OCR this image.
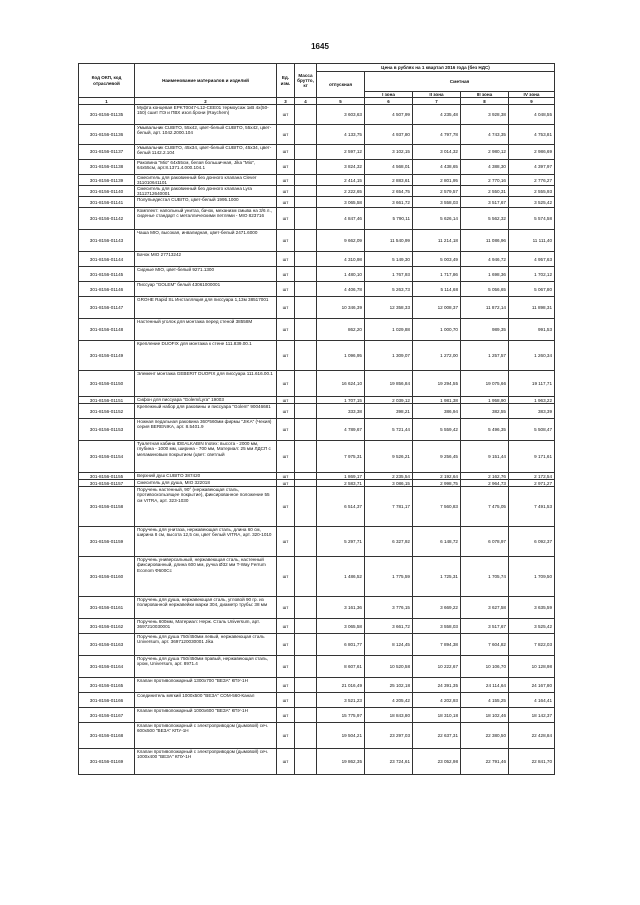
1645
Код ОКП, код отраслевой	Наименование материалов и изделий	Ед. изм.	Масса брутто, кг	Цена в рублях на 1 квартал 2016 года (без НДС)				
				отпускная	Сметная			
					I зона	II зона	III зона	IV зона
1	2	3	4	5	6	7	8	9
301-8156-01135	Муфта концевая EPKT0047-L12-CEE01 термоусаж 1кВ 4х(50-150) сшит ПЭ и ПВХ изол.брони (Raychem)	шт		3 603,63	4 507,99	4 235,48	3 928,38	4 048,55
301-8156-01136	Умывальник CUBITO, 55х42, цвет-белый CUBITO, 55х42, цвет-белый, арт. 1042.2000.104	шт		4 133,75	4 937,80	4 797,78	4 743,35	4 753,81
301-8156-01137	Умывальник CUBITO, 45х34, цвет-белый CUBITO, 45х34, цвет-белый 1142.2.104	шт		2 597,12	3 102,15	3 014,32	2 980,12	2 986,69
301-8156-01138	Раковина "Mio" 64х55см, белая большичная, Jika "Mio", 64х55см, арт.8.1371.4.000.104.1	шт		3 824,32	4 568,01	4 438,65	4 388,30	4 397,97
301-8156-01139	Смеситель для раковинный без донного клапана Clever 311010641101	шт		2 414,15	2 883,61	2 801,95	2 770,16	2 776,27
301-8156-01140	Смеситель для раковинный без донного клапана Lyra 3112712640001	шт		2 222,65	2 654,75	2 579,57	2 550,31	2 555,93
301-8156-01141	Полупьедестал CUBITO, цвет-белый 1995.1000	шт		3 065,58	3 661,72	3 558,03	3 517,67	3 525,42
301-8156-01142	Комплект: напольный унитаз, бачок, механизм смыва на 3/6 л., сиденье стандарт с металлическими петлями - MIO 823716	шт		4 847,46	5 790,11	5 626,14	5 562,32	5 574,58
301-8156-01143	Чаша MIO, высокая, инвалидная, цвет-белый 2471.6000	шт		9 662,09	11 540,99	11 214,18	11 086,96	11 111,40
301-8156-01144	Бачок MIO 27713242	шт		4 310,98	5 149,30	5 003,49	4 946,72	4 957,63
301-8156-01145	Сидные MIO, цвет-белый 9271.1300	шт		1 480,10	1 767,93	1 717,86	1 698,36	1 702,12
301-8156-01146	Писсуар "GOLEM" белый 43061000001	шт		4 406,78	5 263,73	5 114,68	5 056,65	5 067,80
301-8156-01147	GROHE Rapid SL Инсталляция для писсуара 1,13м 38517001	шт		10 346,39	12 358,33	12 008,37	11 872,14	11 898,31
301-8156-01148	Настенный уголок для монтажа перед стеной 38558M	шт		862,20	1 029,88	1 000,70	989,35	991,53
301-8156-01149	Крепление DUOFIX для монтажа к стене 111.839.00.1	шт		1 096,95	1 309,07	1 272,00	1 257,57	1 260,34
301-8156-01150	Элемент монтажа GEBERIT DUOFIX для писсуара 111.616.00.1	шт		16 624,10	19 856,84	19 294,55	19 075,66	19 117,71
301-8156-01151	Сифон для писсуара "Golem/Lyra" 19003	шт		1 707,15	2 039,12	1 981,38	1 958,90	1 963,22
301-8156-01152	Крепежный набор для раковины и писсуара "Golem" 90046681	шт		333,38	398,21	386,94	382,55	383,39
301-8156-01153	Ножная педальная раковина 360*560мм фирмы "JIKA" (Чехия) серия BERENIKA, арт. 8.5401.9	шт		4 789,67	5 721,44	5 559,42	5 496,35	5 508,47
301-8156-01154	Туалетная кабина IDEALKABIN Inotex: высота - 2000 мм, глубина - 1000 мм, ширина - 700 мм, Материал: 25 мм ЛДСП с меламиновым покрытием (цвет: светлый	шт		7 975,31	9 526,21	9 256,45	9 151,44	9 171,61
301-8156-01155	Верхний душ CUBITO 387420	шт		1 869,17	2 235,54	2 192,64	2 162,76	2 172,54
301-8156-01157	Смеситель для душа, MIO 322018	шт		2 583,71	3 086,15	2 998,75	2 964,73	2 971,27
301-8156-01158	Поручень настенный, 90° (нержавеющая сталь, противоскользящее покрытие), фиксированное положение 55 см VITRA, арт. 323-1030	шт		6 514,37	7 781,17	7 560,83	7 475,05	7 491,53
301-8156-01159	Поручень для унитаза, нержавеющая сталь, длина 60 см, ширина 8 см, высота 12,5 см, цвет белый VITRA, арт. 320-1010	шт		5 297,71	6 327,92	6 148,72	6 078,97	6 092,37
301-8156-01160	Поручень универсальный, нержавеющая сталь, настенный фиксированный, длина 600 мм, ручка Ø32 мм T-Way Ferrum Econom Ф600Cc	шт		1 486,52	1 775,59	1 725,31	1 705,74	1 709,50
301-8156-01161	Поручень для душа, нержавеющая сталь, угловой 90 гр. из полированной нержавейки марки 304, диаметр трубы: 38 мм	шт		3 161,36	3 776,15	3 669,22	3 627,58	3 635,59
301-8156-01162	Поручень 600мм, Материал: Нерж. Сталь Universum, арт. 3697210030001	шт		3 065,58	3 661,72	3 558,03	3 517,67	3 525,42
301-8156-01163	Поручень для душа 750/450мм левый, нержавеющая сталь Universum, арт. 3697120030001 Jika	шт		6 801,77	8 124,45	7 894,38	7 604,82	7 822,03
301-8156-01164	Поручень для душа 750/450мм правый, нержавеющая сталь, хром, Universum, арт. 8971.4	шт		8 607,61	10 520,58	10 222,67	10 106,70	10 128,98
301-8156-01165	Клапан противопожарный 1300х700 "ВЕЗА" КПУ-1Н	шт		21 016,49	25 102,18	24 391,35	24 114,64	24 167,80
301-8156-01166	Соединитель мягкий 1000х500 "ВЕЗА" СОМ-560-Канал	шт		3 521,23	4 205,42	4 202,93	4 155,25	4 164,41
301-8156-01167	Клапан противопожарный 1000х600 "ВЕЗА" КПУ-1Н	шт		15 775,97	18 843,80	18 310,18	18 102,46	18 142,37
301-8156-01168	Клапан противопожарный с электроприводом (дымовой) сеч. 600х500 "ВЕЗА" КПУ-1Н	шт		19 504,21	23 297,03	22 637,31	22 380,50	22 428,84
301-8156-01169	Клапан противопожарный с электроприводом (дымовой) сеч. 1000х400 "ВЕЗА" КПУ-1Н	шт		19 862,35	23 724,61	23 052,98	22 791,46	22 841,70
